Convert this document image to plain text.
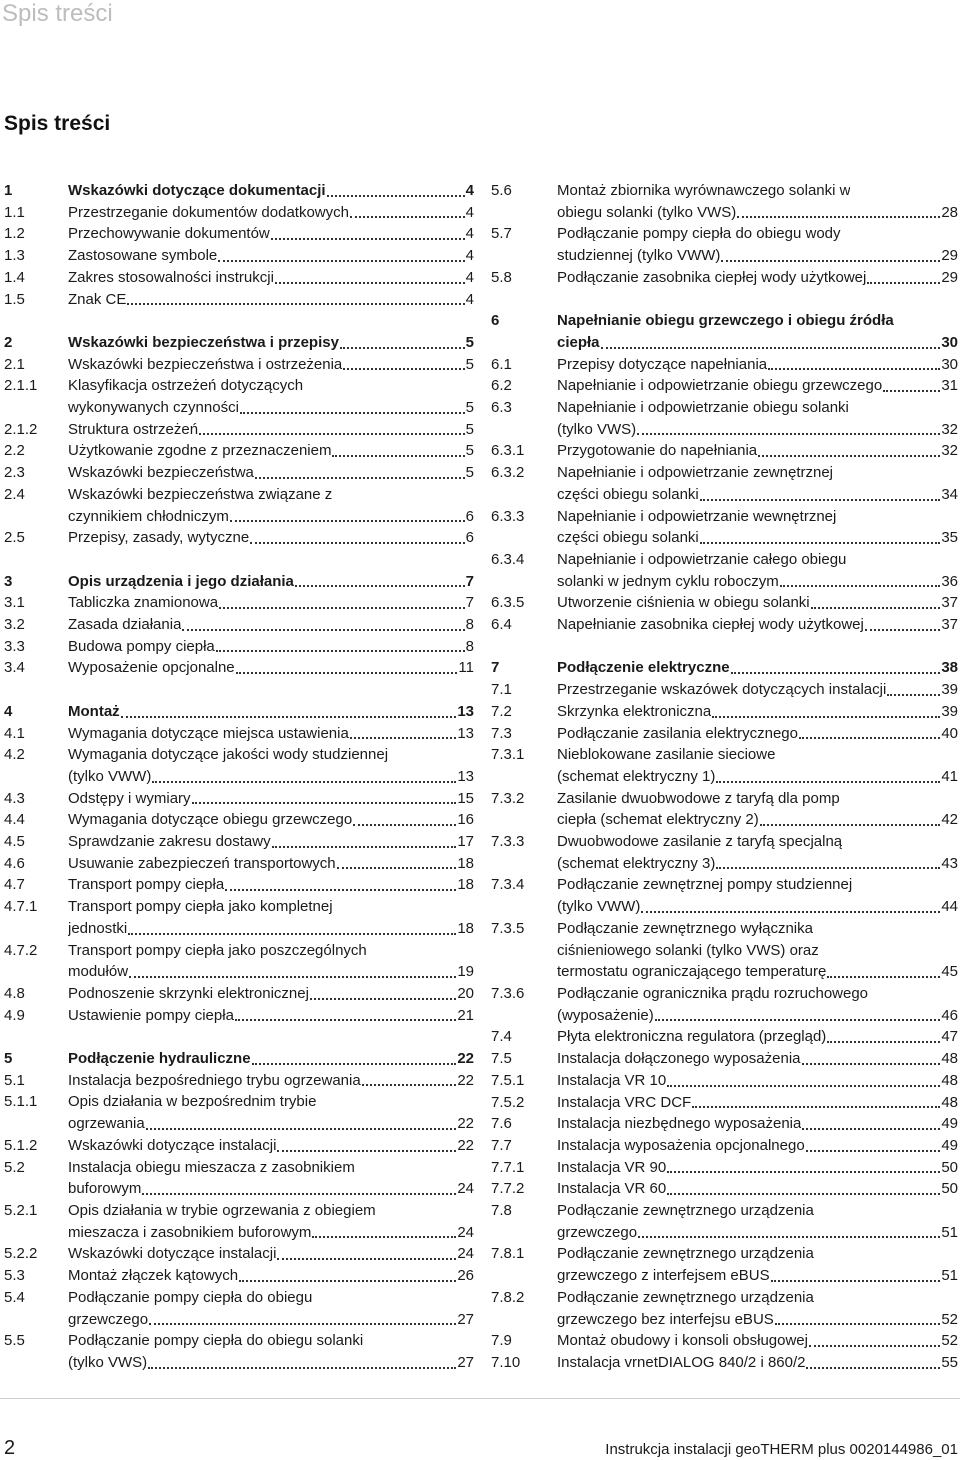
Spis treści
Spis treści
1	Wskazówki dotyczące dokumentacji	4
1.1	Przestrzeganie dokumentów dodatkowych	4
1.2	Przechowywanie dokumentów	4
1.3	Zastosowane symbole	4
1.4	Zakres stosowalności instrukcji	4
1.5	Znak CE	4
2	Wskazówki bezpieczeństwa i przepisy	5
2.1	Wskazówki bezpieczeństwa i ostrzeżenia	5
2.1.1	Klasyfikacja ostrzeżeń dotyczących
wykonywanych czynności	5
2.1.2	Struktura ostrzeżeń	5
2.2	Użytkowanie zgodne z przeznaczeniem	5
2.3	Wskazówki bezpieczeństwa	5
2.4	Wskazówki bezpieczeństwa związane z
czynnikiem chłodniczym	6
2.5	Przepisy, zasady, wytyczne	6
3	Opis urządzenia i jego działania	7
3.1	Tabliczka znamionowa	7
3.2	Zasada działania	8
3.3	Budowa pompy ciepła	8
3.4	Wyposażenie opcjonalne	11
4	Montaż	13
4.1	Wymagania dotyczące miejsca ustawienia	13
4.2	Wymagania dotyczące jakości wody studziennej
(tylko VWW)	13
4.3	Odstępy i wymiary	15
4.4	Wymagania dotyczące obiegu grzewczego	16
4.5	Sprawdzanie zakresu dostawy	17
4.6	Usuwanie zabezpieczeń transportowych	18
4.7	Transport pompy ciepła	18
4.7.1	Transport pompy ciepła jako kompletnej
jednostki	18
4.7.2	Transport pompy ciepła jako poszczególnych
modułów	19
4.8	Podnoszenie skrzynki elektronicznej	20
4.9	Ustawienie pompy ciepła	21
5	Podłączenie hydrauliczne	22
5.1	Instalacja bezpośredniego trybu ogrzewania	22
5.1.1	Opis działania w bezpośrednim trybie
ogrzewania	22
5.1.2	Wskazówki dotyczące instalacji	22
5.2	Instalacja obiegu mieszacza z zasobnikiem
buforowym	24
5.2.1	Opis działania w trybie ogrzewania z obiegiem
mieszacza i zasobnikiem buforowym	24
5.2.2	Wskazówki dotyczące instalacji	24
5.3	Montaż złączek kątowych	26
5.4	Podłączanie pompy ciepła do obiegu
grzewczego	27
5.5	Podłączanie pompy ciepła do obiegu solanki
(tylko VWS)	27
5.6	Montaż zbiornika wyrównawczego solanki w
obiegu solanki (tylko VWS)	28
5.7	Podłączanie pompy ciepła do obiegu wody
studziennej (tylko VWW)	29
5.8	Podłączanie zasobnika ciepłej wody użytkowej	29
6	Napełnianie obiegu grzewczego i obiegu źródła
ciepła	30
6.1	Przepisy dotyczące napełniania	30
6.2	Napełnianie i odpowietrzanie obiegu grzewczego	31
6.3	Napełnianie i odpowietrzanie obiegu solanki
(tylko VWS)	32
6.3.1	Przygotowanie do napełniania	32
6.3.2	Napełnianie i odpowietrzanie zewnętrznej
części obiegu solanki	34
6.3.3	Napełnianie i odpowietrzanie wewnętrznej
części obiegu solanki	35
6.3.4	Napełnianie i odpowietrzanie całego obiegu
solanki w jednym cyklu roboczym	36
6.3.5	Utworzenie ciśnienia w obiegu solanki	37
6.4	Napełnianie zasobnika ciepłej wody użytkowej	37
7	Podłączenie elektryczne	38
7.1	Przestrzeganie wskazówek dotyczących instalacji	39
7.2	Skrzynka elektroniczna	39
7.3	Podłączanie zasilania elektrycznego	40
7.3.1	Nieblokowane zasilanie sieciowe
(schemat elektryczny 1)	41
7.3.2	Zasilanie dwuobwodowe z taryfą dla pomp
ciepła (schemat elektryczny 2)	42
7.3.3	Dwuobwodowe zasilanie z taryfą specjalną
(schemat elektryczny 3)	43
7.3.4	Podłączanie zewnętrznej pompy studziennej
(tylko VWW)	44
7.3.5	Podłączanie zewnętrznego wyłącznika
ciśnieniowego solanki (tylko VWS) oraz
termostatu ograniczającego temperaturę	45
7.3.6	Podłączanie ogranicznika prądu rozruchowego
(wyposażenie)	46
7.4	Płyta elektroniczna regulatora (przegląd)	47
7.5	Instalacja dołączonego wyposażenia	48
7.5.1	Instalacja VR 10	48
7.5.2	Instalacja VRC DCF	48
7.6	Instalacja niezbędnego wyposażenia	49
7.7	Instalacja wyposażenia opcjonalnego	49
7.7.1	Instalacja VR 90	50
7.7.2	Instalacja VR 60	50
7.8	Podłączanie zewnętrznego urządzenia
grzewczego	51
7.8.1	Podłączanie zewnętrznego urządzenia
grzewczego z interfejsem eBUS	51
7.8.2	Podłączanie zewnętrznego urządzenia
grzewczego bez interfejsu eBUS	52
7.9	Montaż obudowy i konsoli obsługowej	52
7.10	Instalacja vrnetDIALOG 840/2 i 860/2	55
2	Instrukcja instalacji geoTHERM plus 0020144986_01
